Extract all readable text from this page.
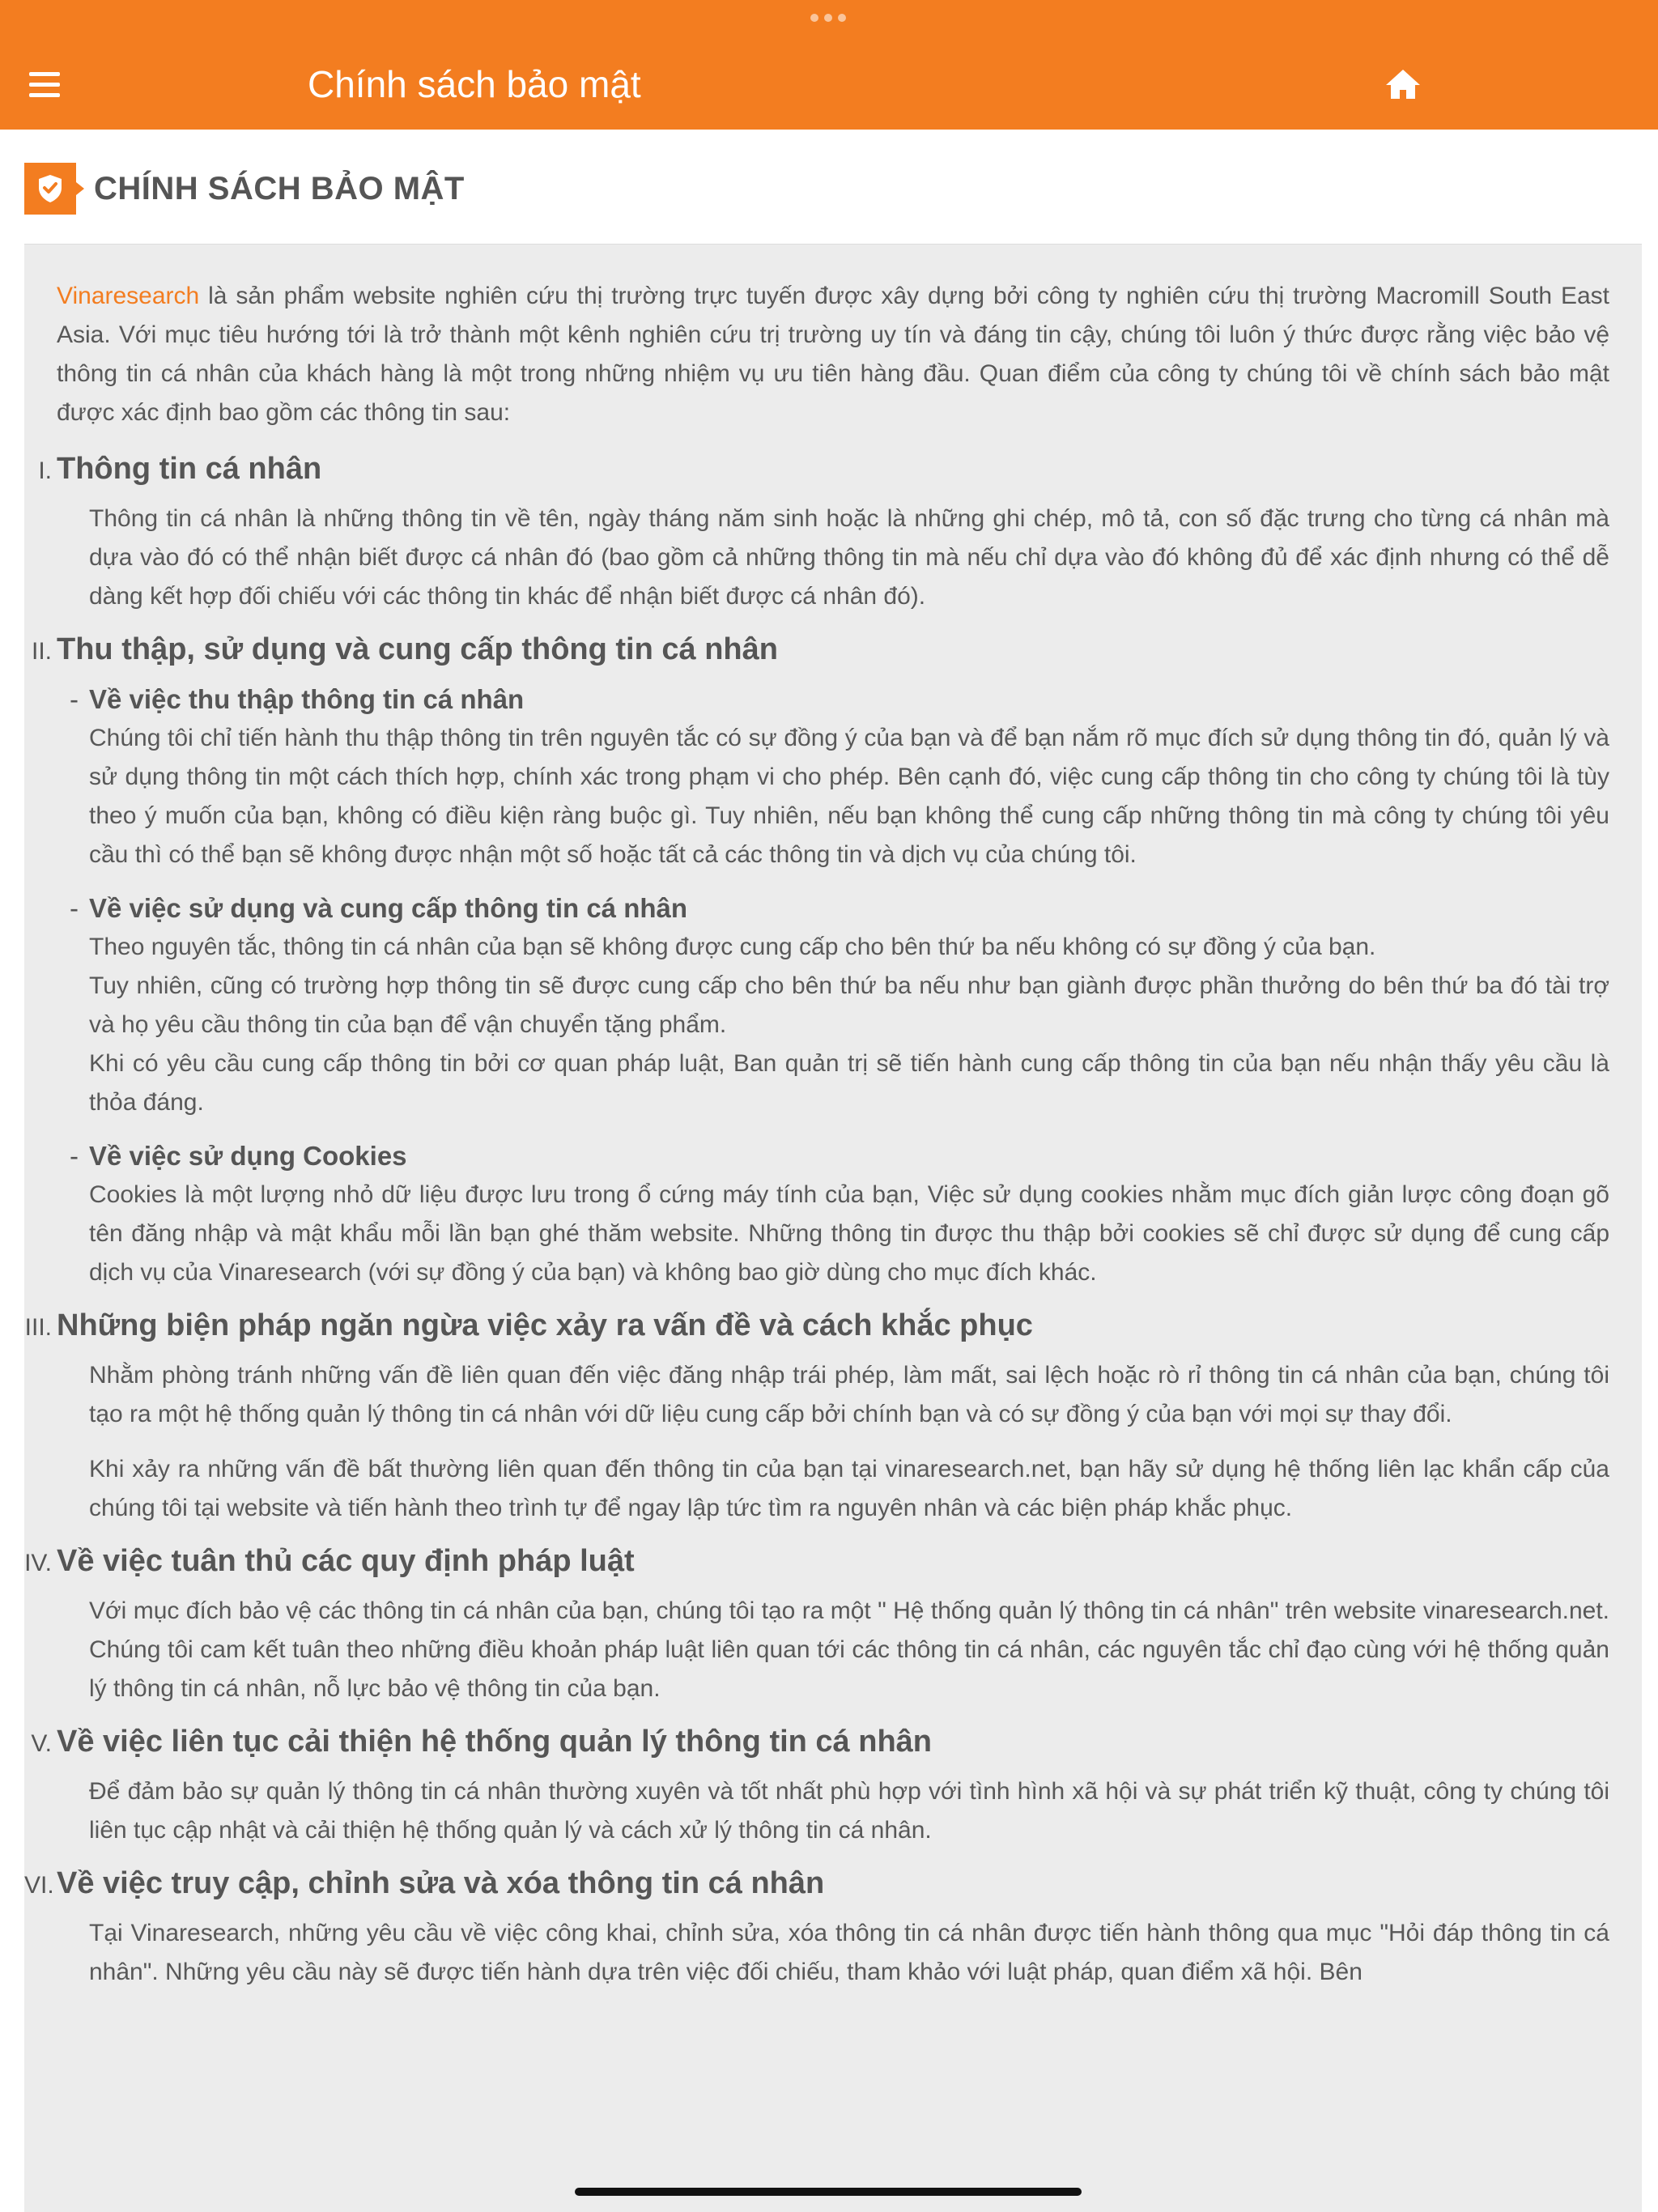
Chính sách bảo mật
CHÍNH SÁCH BẢO MẬT

Vinaresearch là sản phẩm website nghiên cứu thị trường trực tuyến được xây dựng bởi công ty nghiên cứu thị trường Macromill South East Asia. Với mục tiêu hướng tới là trở thành một kênh nghiên cứu trị trường uy tín và đáng tin cậy, chúng tôi luôn ý thức được rằng việc bảo vệ thông tin cá nhân của khách hàng là một trong những nhiệm vụ ưu tiên hàng đầu. Quan điểm của công ty chúng tôi về chính sách bảo mật được xác định bao gồm các thông tin sau:

I. Thông tin cá nhân

Thông tin cá nhân là những thông tin về tên, ngày tháng năm sinh hoặc là những ghi chép, mô tả, con số đặc trưng cho từng cá nhân mà dựa vào đó có thể nhận biết được cá nhân đó (bao gồm cả những thông tin mà nếu chỉ dựa vào đó không đủ để xác định nhưng có thể dễ dàng kết hợp đối chiếu với các thông tin khác để nhận biết được cá nhân đó).

II. Thu thập, sử dụng và cung cấp thông tin cá nhân
- Về việc thu thập thông tin cá nhân

Chúng tôi chỉ tiến hành thu thập thông tin trên nguyên tắc có sự đồng ý của bạn và để bạn nắm rõ mục đích sử dụng thông tin đó, quản lý và sử dụng thông tin một cách thích hợp, chính xác trong phạm vi cho phép. Bên cạnh đó, việc cung cấp thông tin cho công ty chúng tôi là tùy theo ý muốn của bạn, không có điều kiện ràng buộc gì. Tuy nhiên, nếu bạn không thể cung cấp những thông tin mà công ty chúng tôi yêu cầu thì có thể bạn sẽ không được nhận một số hoặc tất cả các thông tin và dịch vụ của chúng tôi.

- Về việc sử dụng và cung cấp thông tin cá nhân

Theo nguyên tắc, thông tin cá nhân của bạn sẽ không được cung cấp cho bên thứ ba nếu không có sự đồng ý của bạn.

Tuy nhiên, cũng có trường hợp thông tin sẽ được cung cấp cho bên thứ ba nếu như bạn giành được phần thưởng do bên thứ ba đó tài trợ và họ yêu cầu thông tin của bạn để vận chuyển tặng phẩm.

Khi có yêu cầu cung cấp thông tin bởi cơ quan pháp luật, Ban quản trị sẽ tiến hành cung cấp thông tin của bạn nếu nhận thấy yêu cầu là thỏa đáng.

- Về việc sử dụng Cookies

Cookies là một lượng nhỏ dữ liệu được lưu trong ổ cứng máy tính của bạn, Việc sử dụng cookies nhằm mục đích giản lược công đoạn gõ tên đăng nhập và mật khẩu mỗi lần bạn ghé thăm website. Những thông tin được thu thập bởi cookies sẽ chỉ được sử dụng để cung cấp dịch vụ của Vinaresearch (với sự đồng ý của bạn) và không bao giờ dùng cho mục đích khác.

III. Những biện pháp ngăn ngừa việc xảy ra vấn đề và cách khắc phục

Nhằm phòng tránh những vấn đề liên quan đến việc đăng nhập trái phép, làm mất, sai lệch hoặc rò rỉ thông tin cá nhân của bạn, chúng tôi tạo ra một hệ thống quản lý thông tin cá nhân với dữ liệu cung cấp bởi chính bạn và có sự đồng ý của bạn với mọi sự thay đổi.

Khi xảy ra những vấn đề bất thường liên quan đến thông tin của bạn tại vinaresearch.net, bạn hãy sử dụng hệ thống liên lạc khẩn cấp của chúng tôi tại website và tiến hành theo trình tự để ngay lập tức tìm ra nguyên nhân và các biện pháp khắc phục.

IV. Về việc tuân thủ các quy định pháp luật

Với mục đích bảo vệ các thông tin cá nhân của bạn, chúng tôi tạo ra một " Hệ thống quản lý thông tin cá nhân" trên website vinaresearch.net. Chúng tôi cam kết tuân theo những điều khoản pháp luật liên quan tới các thông tin cá nhân, các nguyên tắc chỉ đạo cùng với hệ thống quản lý thông tin cá nhân, nỗ lực bảo vệ thông tin của bạn.

V. Về việc liên tục cải thiện hệ thống quản lý thông tin cá nhân

Để đảm bảo sự quản lý thông tin cá nhân thường xuyên và tốt nhất phù hợp với tình hình xã hội và sự phát triển kỹ thuật, công ty chúng tôi liên tục cập nhật và cải thiện hệ thống quản lý và cách xử lý thông tin cá nhân.

VI. Về việc truy cập, chỉnh sửa và xóa thông tin cá nhân

Tại Vinaresearch, những yêu cầu về việc công khai, chỉnh sửa, xóa thông tin cá nhân được tiến hành thông qua mục "Hỏi đáp thông tin cá nhân". Những yêu cầu này sẽ được tiến hành dựa trên việc đối chiếu, tham khảo với luật pháp, quan điểm xã hội. Bên
